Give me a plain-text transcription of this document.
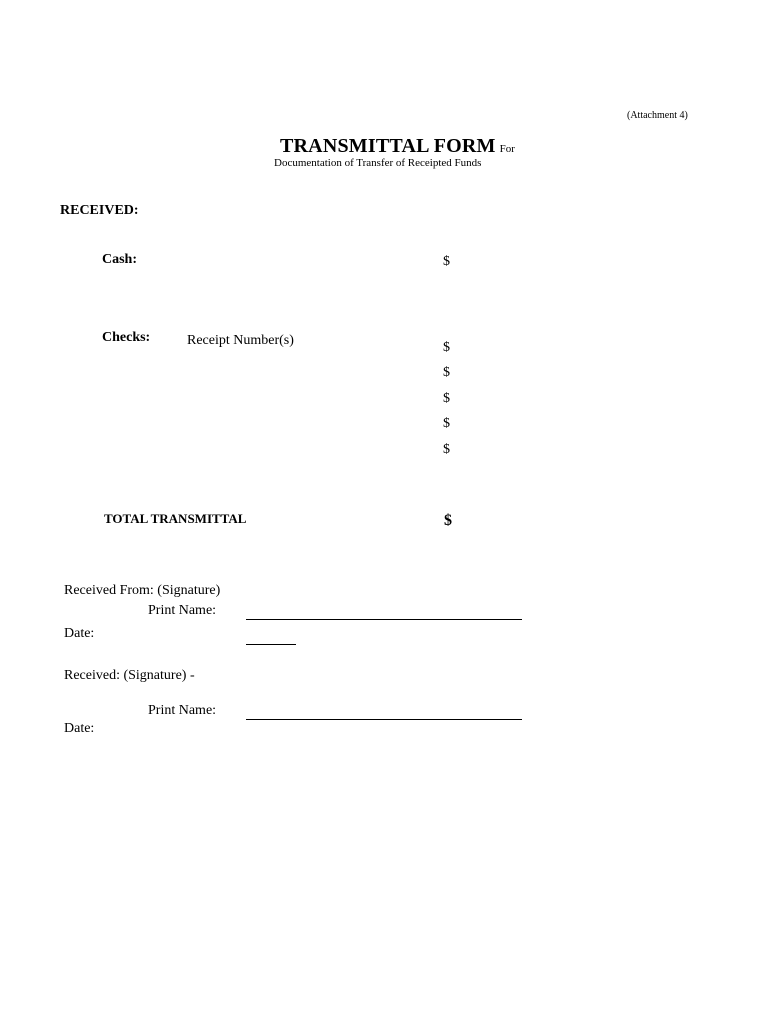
(Attachment 4)
TRANSMITTAL FORM For
Documentation of Transfer of Receipted Funds
RECEIVED:
Cash:	$
Checks:	Receipt Number(s)	$
$
$
$
$
TOTAL TRANSMITTAL	$
Received From: (Signature)
Print Name:
Date:
Received: (Signature) -
Print Name:
Date:
